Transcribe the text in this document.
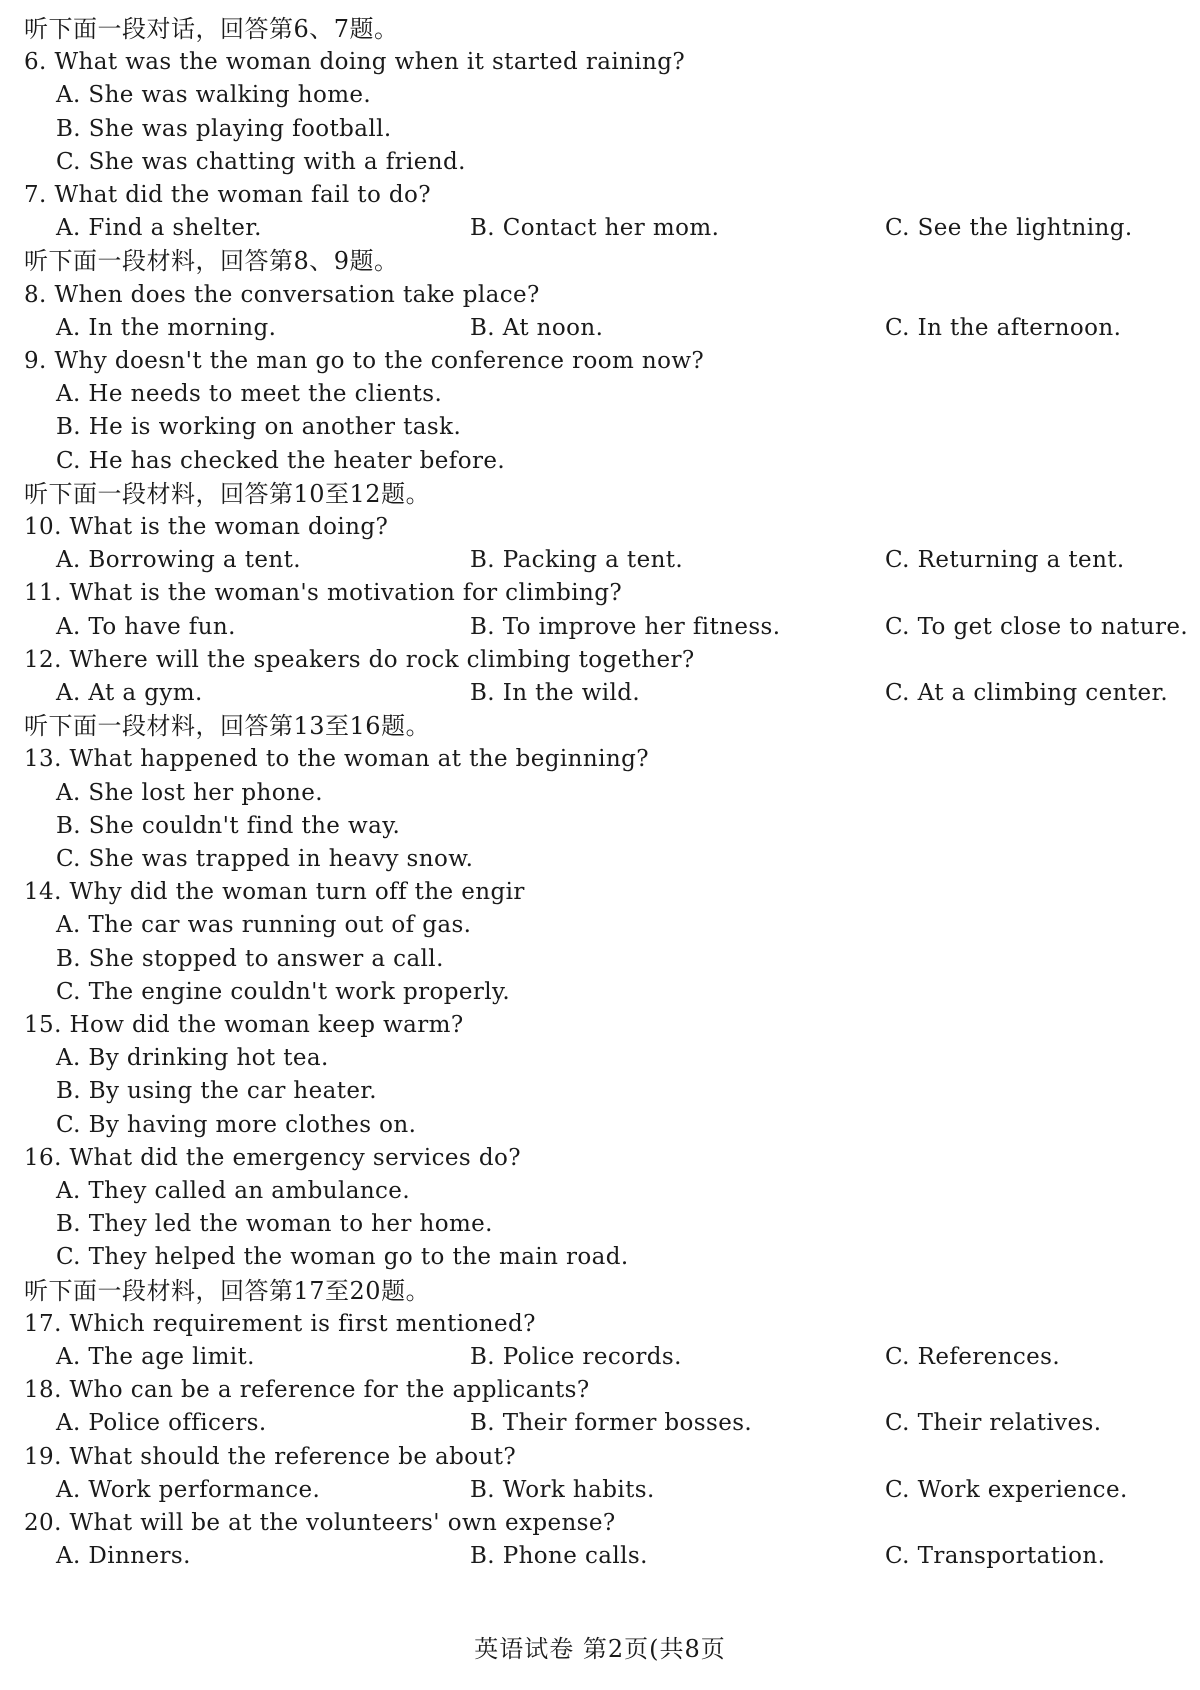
听下面一段对话，回答第6、7题。
6. What was the woman doing when it started raining?
A. She was walking home.
B. She was playing football.
C. She was chatting with a friend.
7. What did the woman fail to do?
A. Find a shelter.	B. Contact her mom.	C. See the lightning.
听下面一段材料，回答第8、9题。
8. When does the conversation take place?
A. In the morning.	B. At noon.	C. In the afternoon.
9. Why doesn't the man go to the conference room now?
A. He needs to meet the clients.
B. He is working on another task.
C. He has checked the heater before.
听下面一段材料，回答第10至12题。
10. What is the woman doing?
A. Borrowing a tent.	B. Packing a tent.	C. Returning a tent.
11. What is the woman's motivation for climbing?
A. To have fun.	B. To improve her fitness.	C. To get close to nature.
12. Where will the speakers do rock climbing together?
A. At a gym.	B. In the wild.	C. At a climbing center.
听下面一段材料，回答第13至16题。
13. What happened to the woman at the beginning?
A. She lost her phone.
B. She couldn't find the way.
C. She was trapped in heavy snow.
14. Why did the woman turn off the engir
A. The car was running out of gas.
B. She stopped to answer a call.
C. The engine couldn't work properly.
15. How did the woman keep warm?
A. By drinking hot tea.
B. By using the car heater.
C. By having more clothes on.
16. What did the emergency services do?
A. They called an ambulance.
B. They led the woman to her home.
C. They helped the woman go to the main road.
听下面一段材料，回答第17至20题。
17. Which requirement is first mentioned?
A. The age limit.	B. Police records.	C. References.
18. Who can be a reference for the applicants?
A. Police officers.	B. Their former bosses.	C. Their relatives.
19. What should the reference be about?
A. Work performance.	B. Work habits.	C. Work experience.
20. What will be at the volunteers' own expense?
A. Dinners.	B. Phone calls.	C. Transportation.
英语试卷 第2页(共8页
